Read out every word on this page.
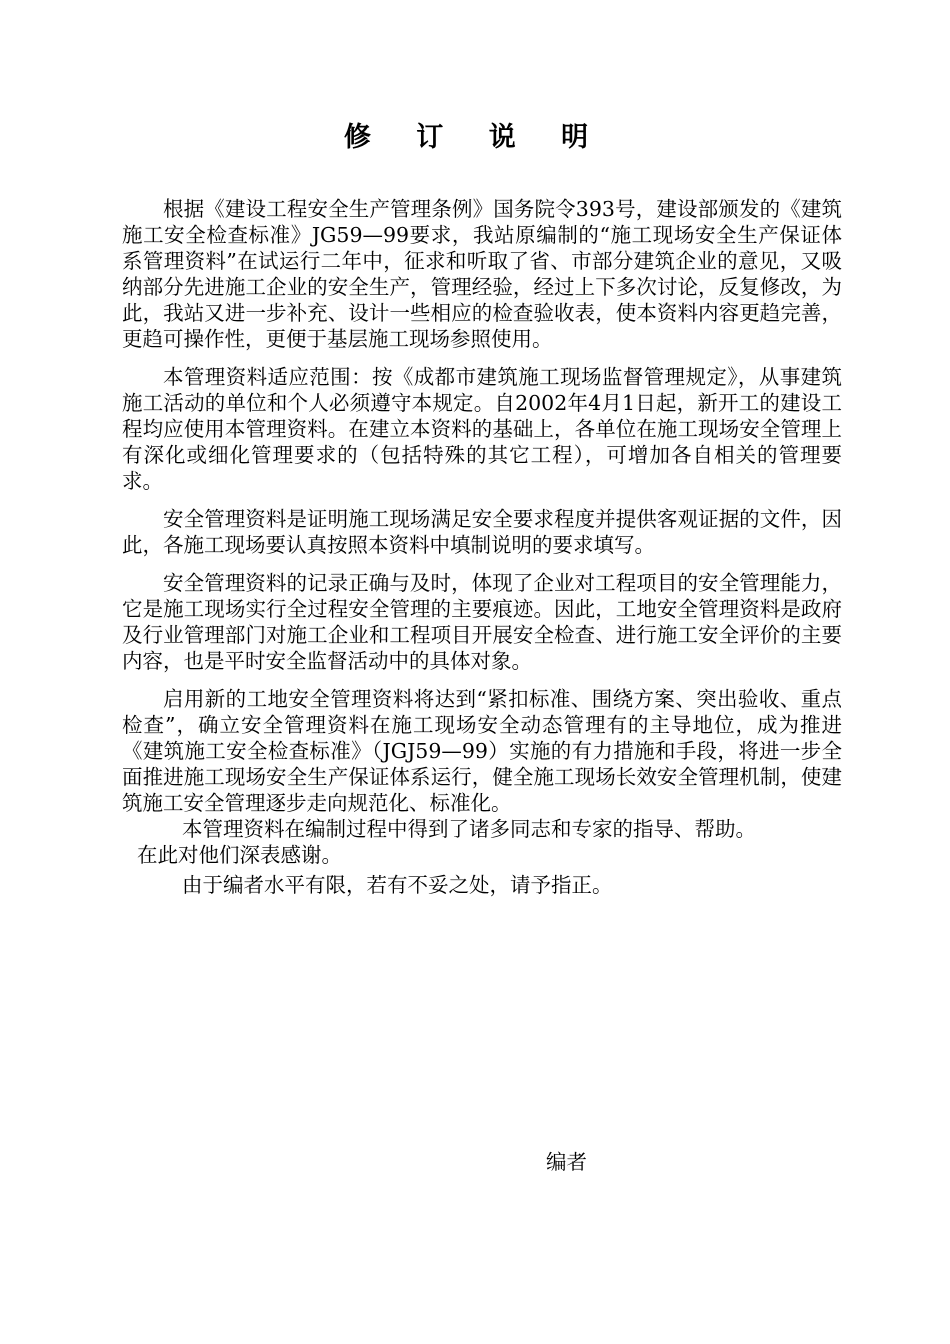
修 订 说 明

根据《建设工程安全生产管理条例》国务院令393号，建设部颁发的《建筑施工安全检查标准》JG59—99要求，我站原编制的“施工现场安全生产保证体系管理资料”在试运行二年中，征求和听取了省、市部分建筑企业的意见，又吸纳部分先进施工企业的安全生产，管理经验，经过上下多次讨论，反复修改，为此，我站又进一步补充、设计一些相应的检查验收表，使本资料内容更趋完善，更趋可操作性，更便于基层施工现场参照使用。

本管理资料适应范围：按《成都市建筑施工现场监督管理规定》，从事建筑施工活动的单位和个人必须遵守本规定。自2002年4月1日起，新开工的建设工程均应使用本管理资料。在建立本资料的基础上，各单位在施工现场安全管理上有深化或细化管理要求的（包括特殊的其它工程），可增加各自相关的管理要求。

安全管理资料是证明施工现场满足安全要求程度并提供客观证据的文件，因此，各施工现场要认真按照本资料中填制说明的要求填写。

安全管理资料的记录正确与及时，体现了企业对工程项目的安全管理能力，它是施工现场实行全过程安全管理的主要痕迹。因此，工地安全管理资料是政府及行业管理部门对施工企业和工程项目开展安全检查、进行施工安全评价的主要内容，也是平时安全监督活动中的具体对象。

启用新的工地安全管理资料将达到“紧扣标准、围绕方案、突出验收、重点检查”，确立安全管理资料在施工现场安全动态管理有的主导地位，成为推进《建筑施工安全检查标准》（JGJ59—99）实施的有力措施和手段，将进一步全面推进施工现场安全生产保证体系运行，健全施工现场长效安全管理机制，使建筑施工安全管理逐步走向规范化、标准化。

本管理资料在编制过程中得到了诸多同志和专家的指导、帮助。

在此对他们深表感谢。

由于编者水平有限，若有不妥之处，请予指正。

编者
